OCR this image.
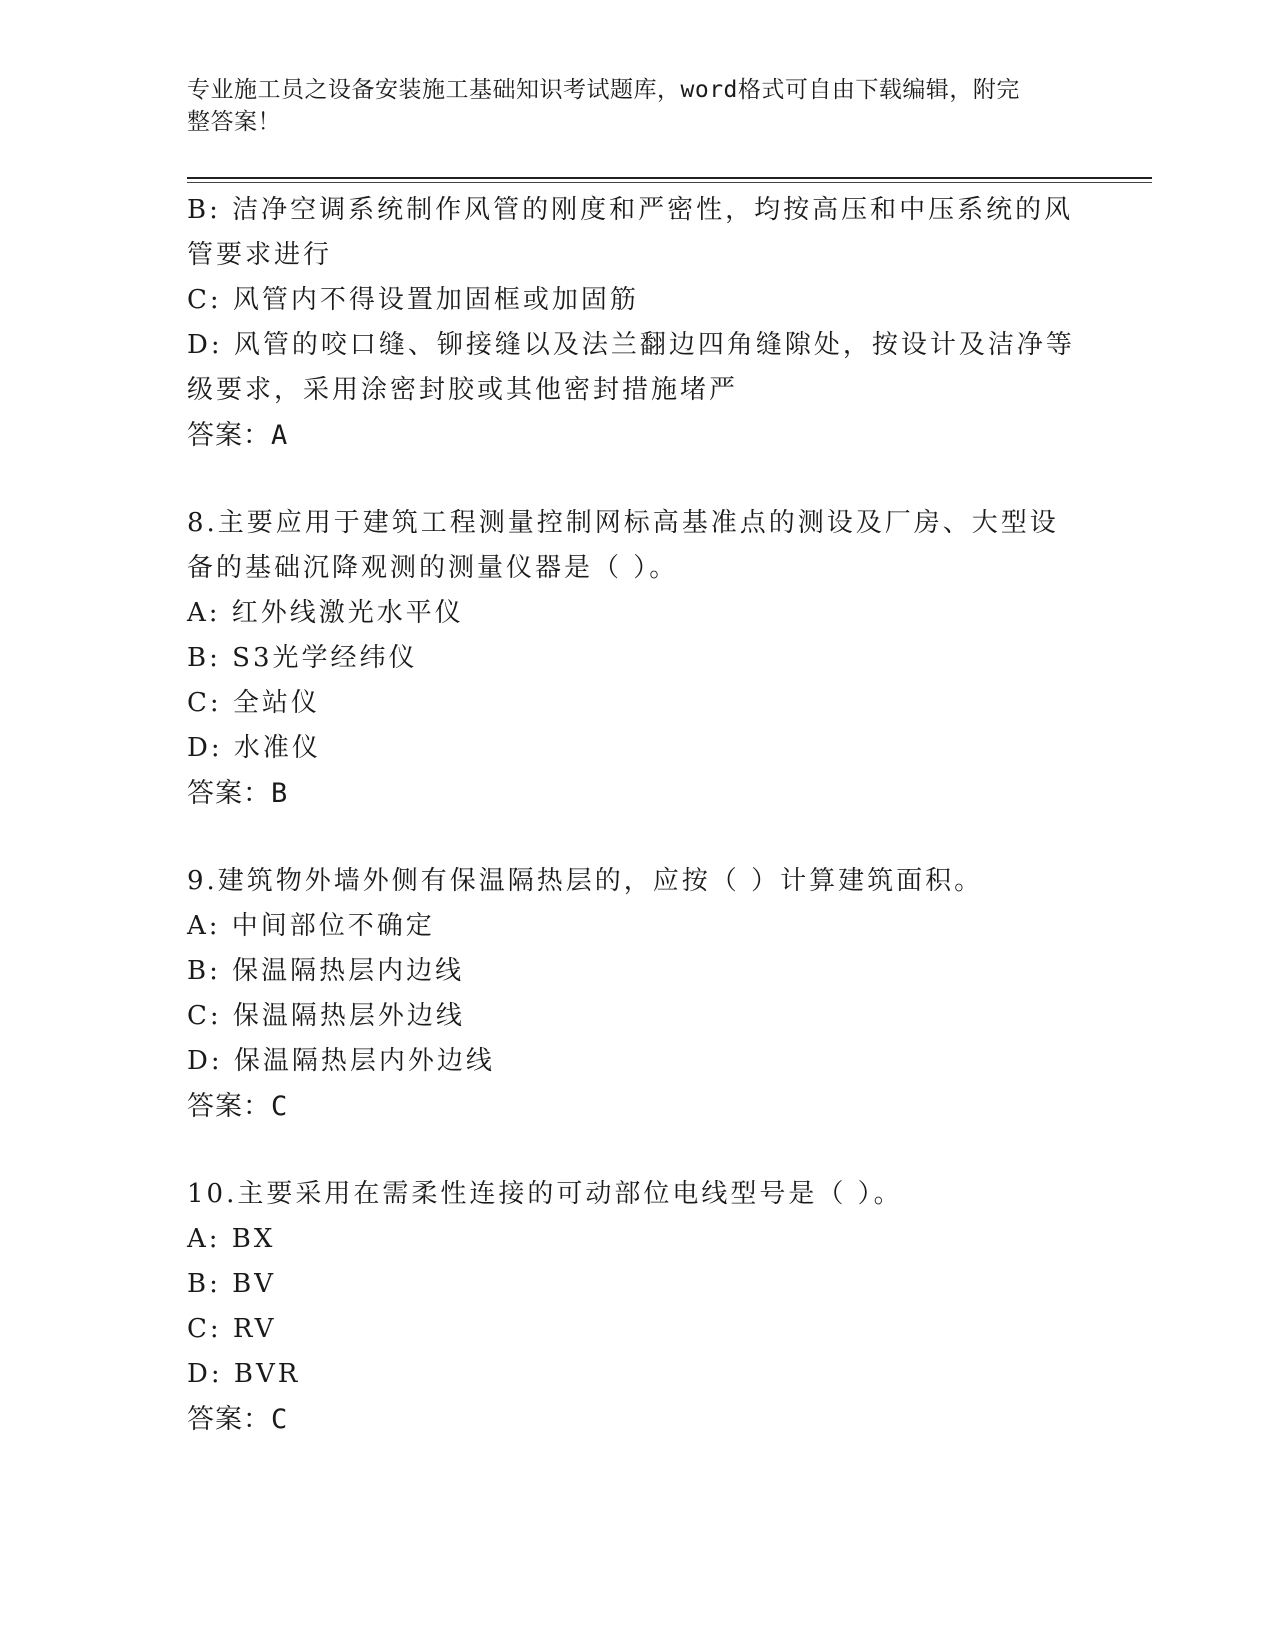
专业施工员之设备安装施工基础知识考试题库，word格式可自由下载编辑，附完
整答案！
B: 洁净空调系统制作风管的刚度和严密性，均按高压和中压系统的风
管要求进行
C: 风管内不得设置加固框或加固筋
D: 风管的咬口缝、铆接缝以及法兰翻边四角缝隙处，按设计及洁净等
级要求，采用涂密封胶或其他密封措施堵严
答案：A
8.主要应用于建筑工程测量控制网标高基准点的测设及厂房、大型设
备的基础沉降观测的测量仪器是（ ）。
A: 红外线激光水平仪
B: S3光学经纬仪
C: 全站仪
D: 水准仪
答案：B
9.建筑物外墙外侧有保温隔热层的，应按（ ）计算建筑面积。
A: 中间部位不确定
B: 保温隔热层内边线
C: 保温隔热层外边线
D: 保温隔热层内外边线
答案：C
10.主要采用在需柔性连接的可动部位电线型号是（ ）。
A: BX
B: BV
C: RV
D: BVR
答案：C
